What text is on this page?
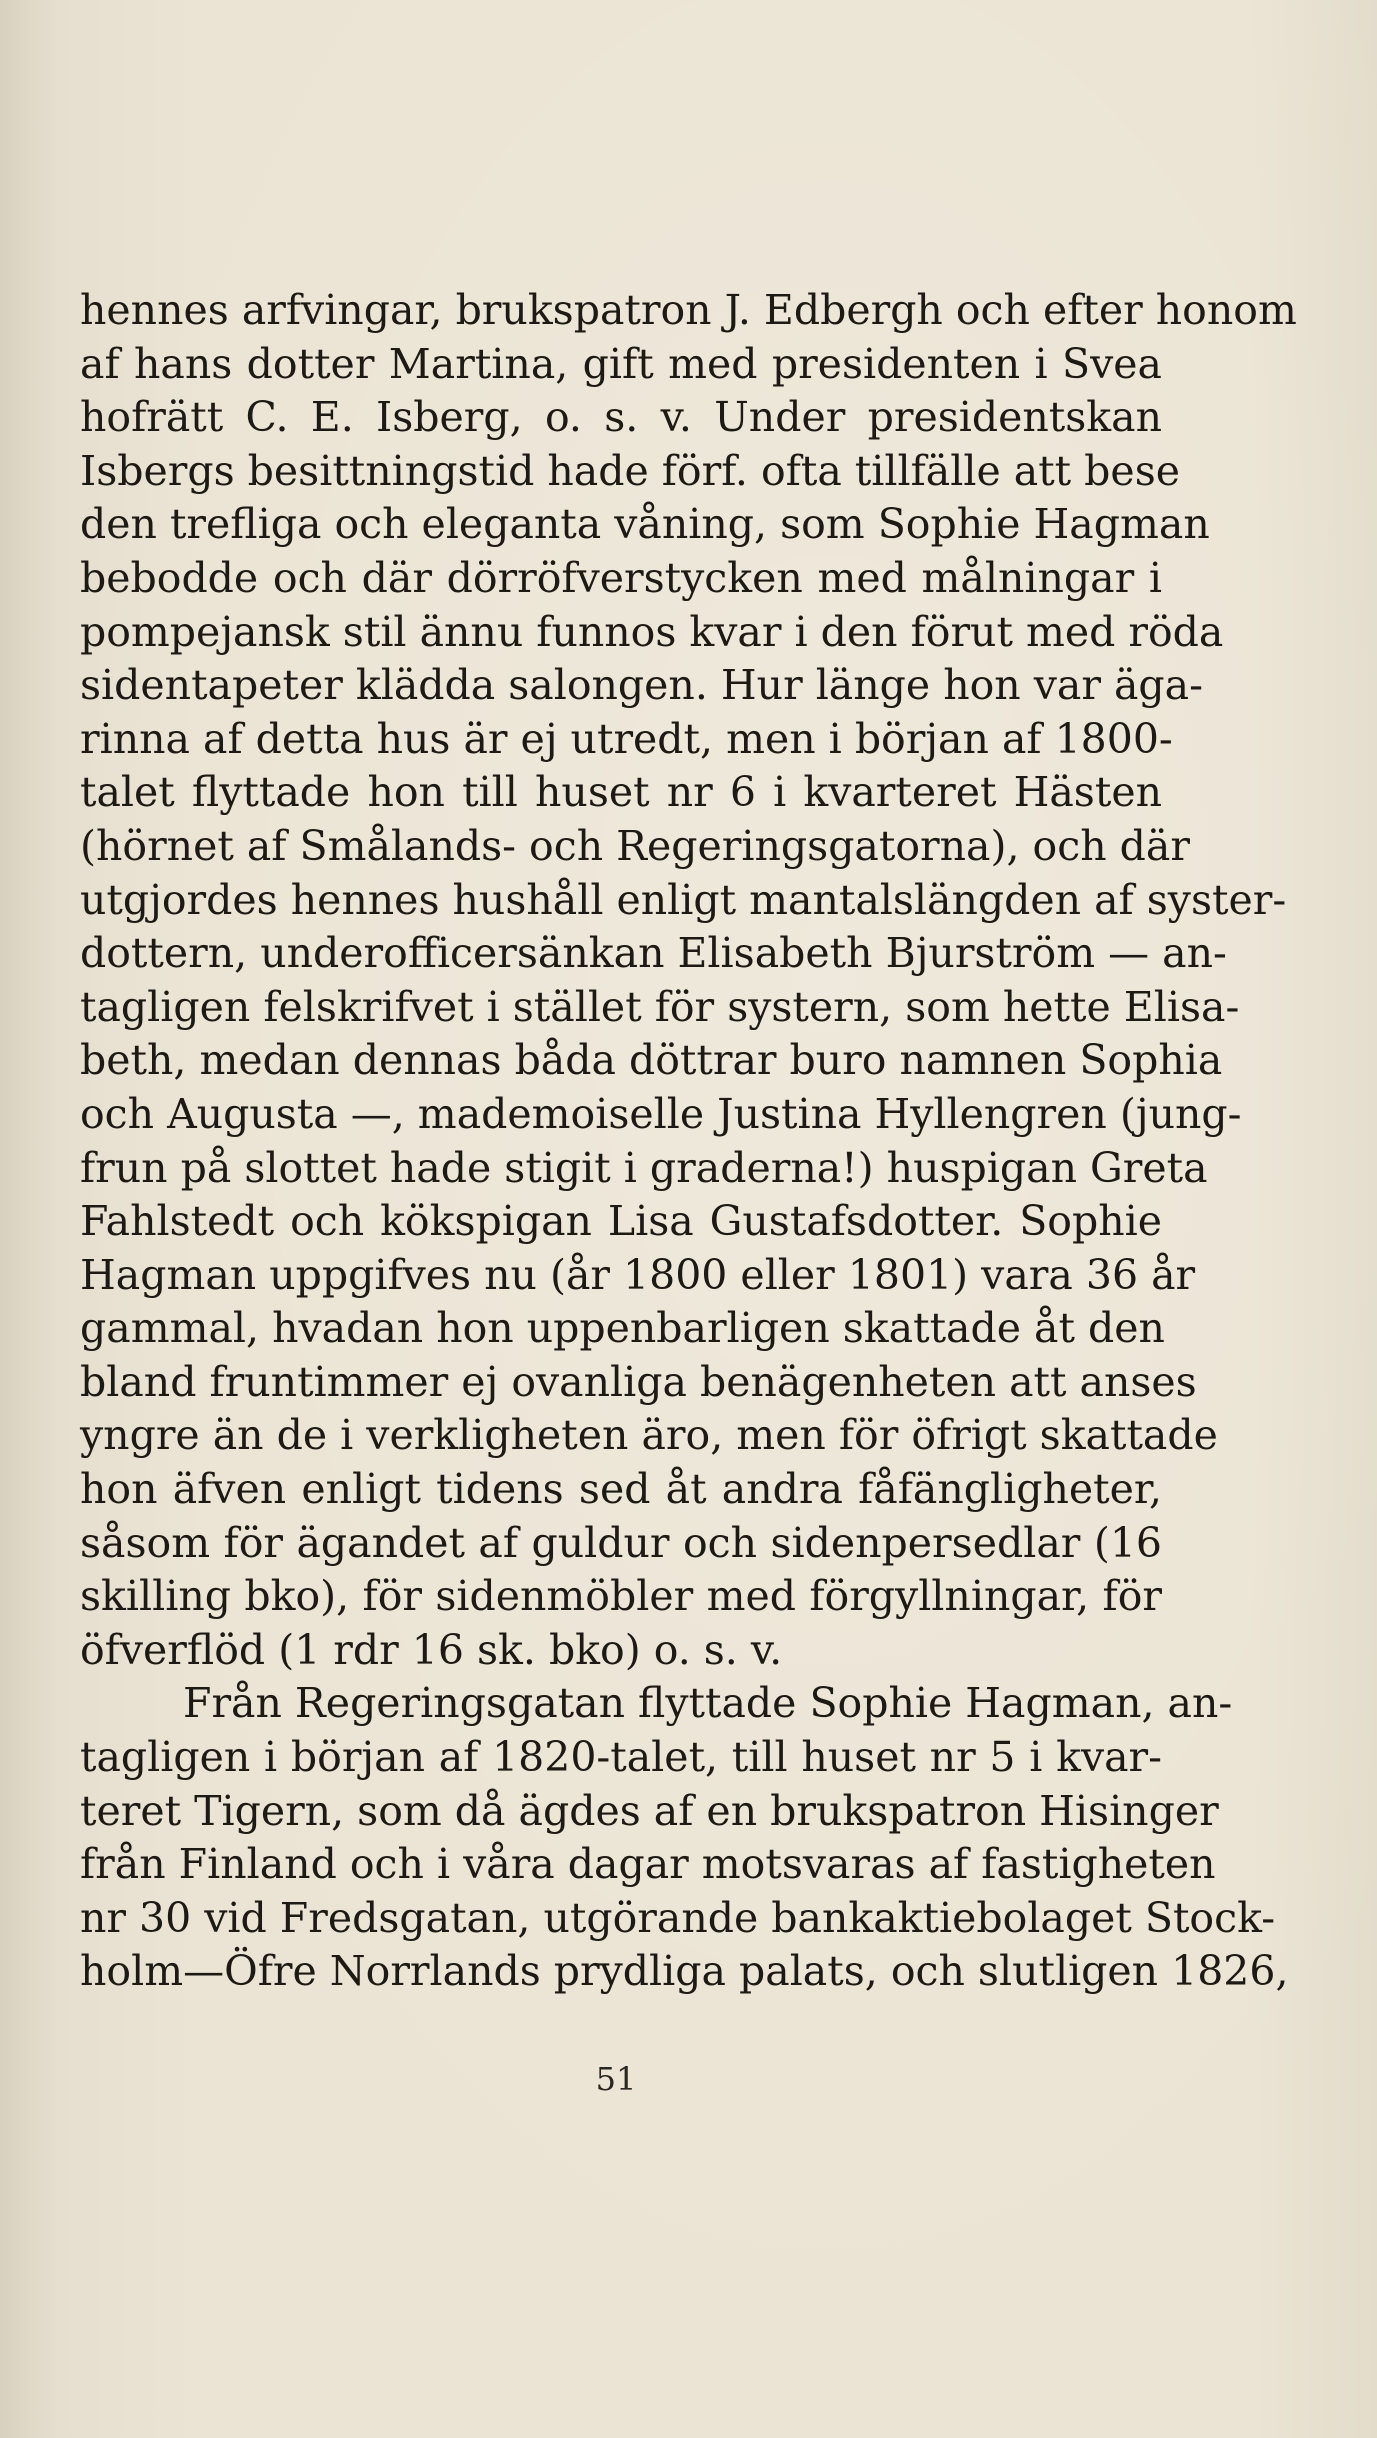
hennes arfvingar, brukspatron J. Edbergh och efter honom
af hans dotter Martina, gift med presidenten i Svea
hofrätt C. E. Isberg, o. s. v. Under presidentskan
Isbergs besittningstid hade förf. ofta tillfälle att bese
den trefliga och eleganta våning, som Sophie Hagman
bebodde och där dörröfverstycken med målningar i
pompejansk stil ännu funnos kvar i den förut med röda
sidentapeter klädda salongen. Hur länge hon var äga-
rinna af detta hus är ej utredt, men i början af 1800-
talet flyttade hon till huset nr 6 i kvarteret Hästen
(hörnet af Smålands- och Regeringsgatorna), och där
utgjordes hennes hushåll enligt mantalslängden af syster-
dottern, underofficersänkan Elisabeth Bjurström — an-
tagligen felskrifvet i stället för systern, som hette Elisa-
beth, medan dennas båda döttrar buro namnen Sophia
och Augusta —, mademoiselle Justina Hyllengren (jung-
frun på slottet hade stigit i graderna!) huspigan Greta
Fahlstedt och kökspigan Lisa Gustafsdotter. Sophie
Hagman uppgifves nu (år 1800 eller 1801) vara 36 år
gammal, hvadan hon uppenbarligen skattade åt den
bland fruntimmer ej ovanliga benägenheten att anses
yngre än de i verkligheten äro, men för öfrigt skattade
hon äfven enligt tidens sed åt andra fåfängligheter,
såsom för ägandet af guldur och sidenpersedlar (16
skilling bko), för sidenmöbler med förgyllningar, för
öfverflöd (1 rdr 16 sk. bko) o. s. v.
Från Regeringsgatan flyttade Sophie Hagman, an-
tagligen i början af 1820-talet, till huset nr 5 i kvar-
teret Tigern, som då ägdes af en brukspatron Hisinger
från Finland och i våra dagar motsvaras af fastigheten
nr 30 vid Fredsgatan, utgörande bankaktiebolaget Stock-
holm—Öfre Norrlands prydliga palats, och slutligen 1826,
51
